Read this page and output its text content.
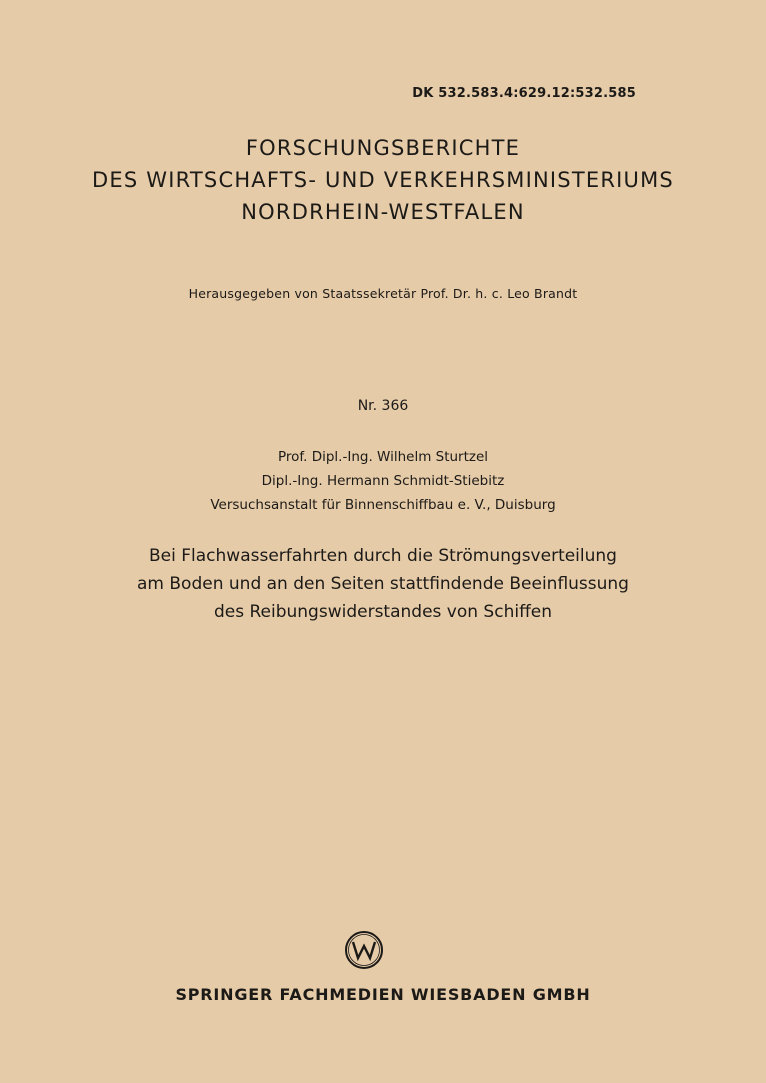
DK 532.583.4:629.12:532.585
FORSCHUNGSBERICHTE
DES WIRTSCHAFTS- UND VERKEHRSMINISTERIUMS
NORDRHEIN-WESTFALEN
Herausgegeben von Staatssekretär Prof. Dr. h. c. Leo Brandt
Nr. 366
Prof. Dipl.-Ing. Wilhelm Sturtzel
Dipl.-Ing. Hermann Schmidt-Stiebitz
Versuchsanstalt für Binnenschiffbau e. V., Duisburg
Bei Flachwasserfahrten durch die Strömungsverteilung
am Boden und an den Seiten stattfindende Beeinflussung
des Reibungswiderstandes von Schiffen
SPRINGER FACHMEDIEN WIESBADEN GMBH
